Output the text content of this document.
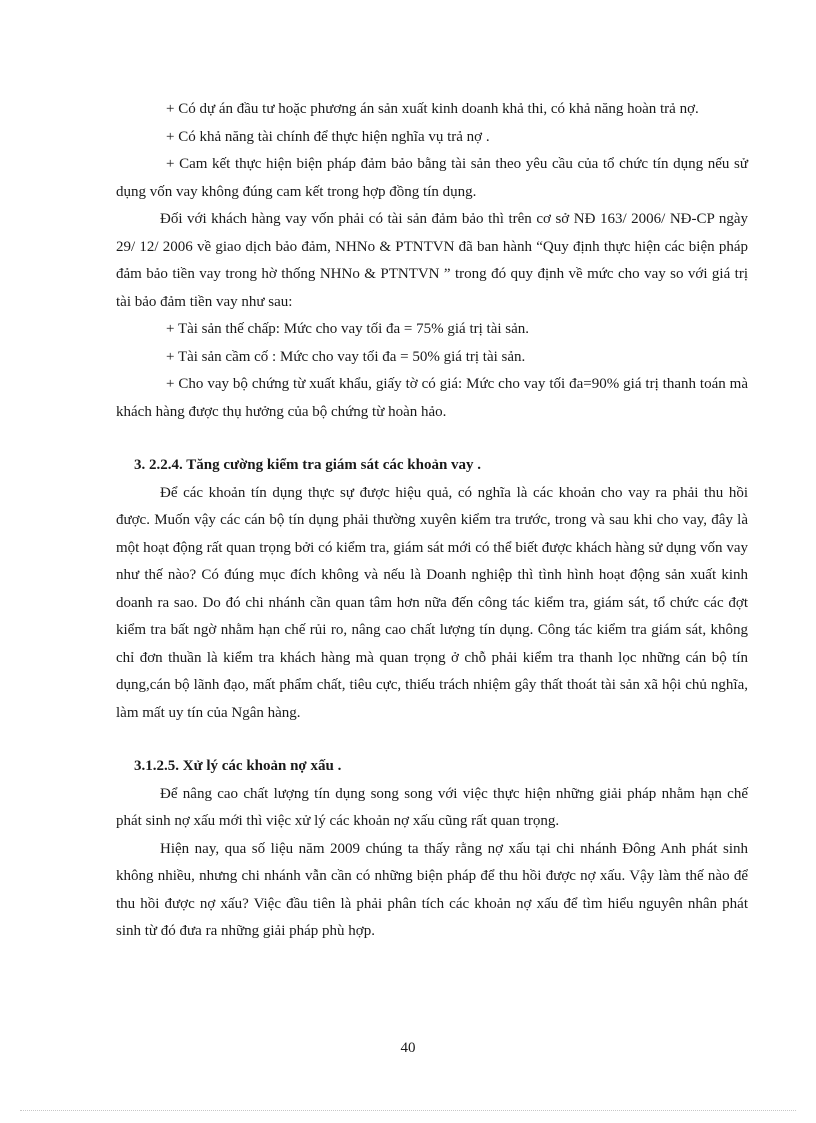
+ Có dự án đầu tư hoặc phương án sản xuất kinh doanh khả thi, có khả năng hoàn trả nợ.

+ Có khả năng tài chính để thực hiện nghĩa vụ trả nợ .

+ Cam kết thực hiện biện pháp đảm bảo bằng tài sản theo yêu cầu của tổ chức tín dụng nếu sử dụng vốn vay không đúng cam kết trong hợp đồng tín dụng.

Đối với khách hàng vay vốn phải có tài sản đảm bảo thì trên cơ sở NĐ 163/ 2006/ NĐ-CP ngày 29/ 12/ 2006 về giao dịch bảo đảm, NHNo & PTNTVN đã ban hành “Quy định thực hiện các biện pháp đảm bảo tiền vay trong hờ thống NHNo & PTNTVN ” trong đó quy định về mức cho vay so với giá trị tài bảo đảm tiền vay như sau:

+ Tài sản thế chấp: Mức cho vay tối đa = 75% giá trị tài sản.

+ Tài sản cầm cố : Mức cho vay tối đa = 50% giá trị tài sản.

+ Cho vay bộ chứng từ xuất khẩu, giấy tờ có giá: Mức cho vay tối đa=90% giá trị thanh toán mà khách hàng được thụ hưởng của bộ chứng từ hoàn hảo.

3. 2.2.4. Tăng cường kiểm tra giám sát các khoản vay .

Để các khoản tín dụng thực sự được hiệu quả, có nghĩa là các khoản cho vay ra phải thu hồi được. Muốn vậy các cán bộ tín dụng phải thường xuyên kiểm tra trước, trong và sau khi cho vay, đây là một hoạt động rất quan trọng bởi có kiểm tra, giám sát mới có thể biết được khách hàng sử dụng vốn vay như thế nào? Có đúng mục đích không và nếu là Doanh nghiệp thì tình hình hoạt động sản xuất kinh doanh ra sao. Do đó chi nhánh cần quan tâm hơn nữa đến công tác kiểm tra, giám sát, tổ chức các đợt kiểm tra bất ngờ nhằm hạn chế rủi ro, nâng cao chất lượng tín dụng. Công tác kiểm tra giám sát, không chỉ đơn thuần là kiểm tra khách hàng mà quan trọng ở chỗ phải kiểm tra thanh lọc những cán bộ tín dụng,cán bộ lãnh đạo, mất phẩm chất, tiêu cực, thiếu trách nhiệm gây thất thoát tài sản xã hội chủ nghĩa, làm mất uy tín của Ngân hàng.

3.1.2.5. Xử lý các khoản nợ xấu .

Để nâng cao chất lượng tín dụng song song với việc thực hiện những giải pháp nhằm hạn chế phát sinh nợ xấu mới thì việc xử lý các khoản nợ xấu cũng rất quan trọng.

Hiện nay, qua số liệu năm 2009 chúng ta thấy rằng nợ xấu tại chi nhánh Đông Anh phát sinh không nhiều, nhưng chi nhánh vẫn cần có những biện pháp để thu hồi được nợ xấu. Vậy làm thế nào để thu hồi được nợ xấu? Việc đầu tiên là phải phân tích các khoản nợ xấu để tìm hiểu nguyên nhân phát sinh từ đó đưa ra những giải pháp phù hợp.

40
